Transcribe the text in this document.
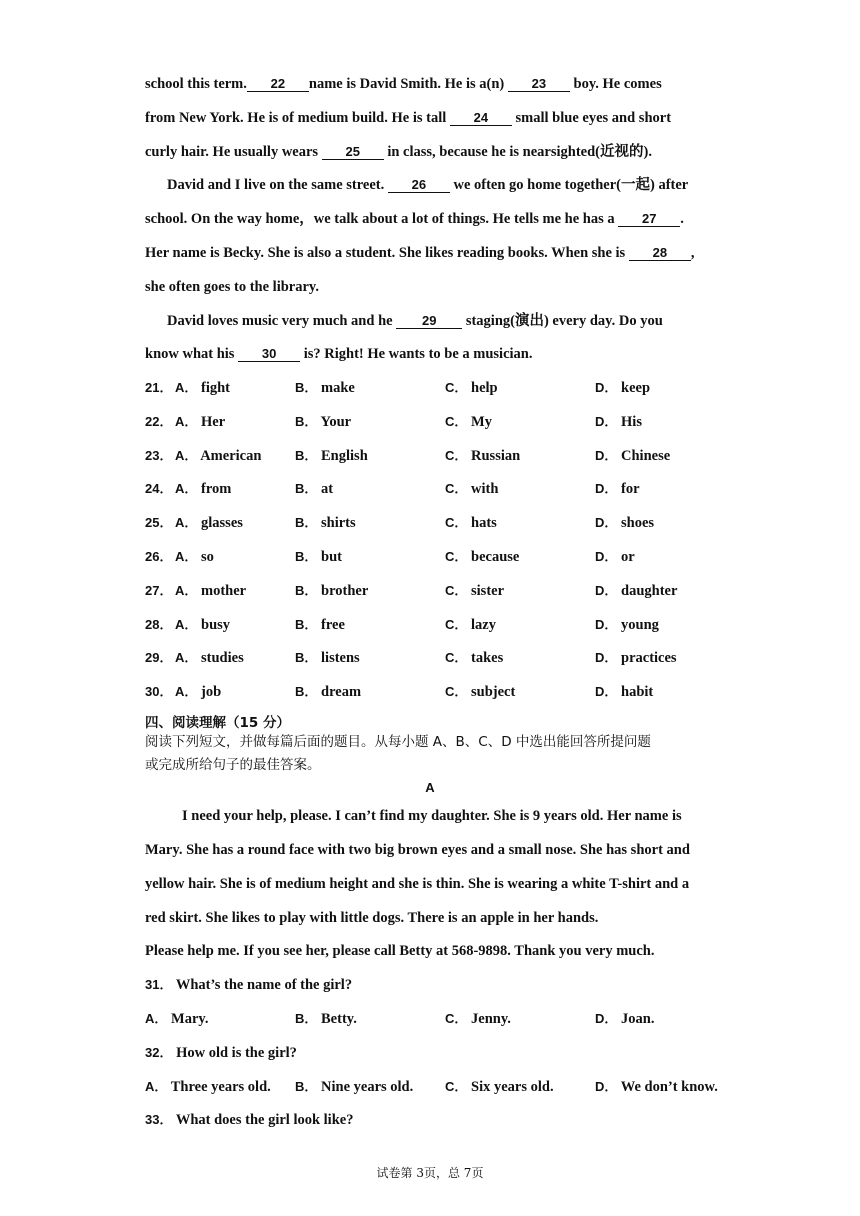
school this term. 22 name is David Smith. He is a(n) 23 boy. He comes
from New York. He is of medium build. He is tall 24 small blue eyes and short
curly hair. He usually wears 25 in class, because he is nearsighted(近视的).
David and I live on the same street. 26 we often go home together(一起) after
school. On the way home，we talk about a lot of things. He tells me he has a 27 .
Her name is Becky. She is also a student. She likes reading books. When she is 28 ,
she often goes to the library.
David loves music very much and he 29 staging(演出) every day. Do you
know what his 30 is? Right! He wants to be a musician.
21． A． fight	B． make	C． help	D． keep
22． A． Her	B． Your	C． My	D． His
23． A． American	B． English	C． Russian	D． Chinese
24． A． from	B． at	C． with	D． for
25． A． glasses	B． shirts	C． hats	D． shoes
26． A． so	B． but	C． because	D． or
27． A． mother	B． brother	C． sister	D． daughter
28． A． busy	B． free	C． lazy	D． young
29． A． studies	B． listens	C． takes	D． practices
30． A． job	B． dream	C． subject	D． habit
四、阅读理解（15 分）
阅读下列短文，并做每篇后面的题目。从每小题 A、B、C、D 中选出能回答所提问题
或完成所给句子的最佳答案。
A
I need your help, please. I can’t find my daughter. She is 9 years old. Her name is
Mary. She has a round face with two big brown eyes and a small nose. She has short and
yellow hair. She is of medium height and she is thin. She is wearing a white T-shirt and a
red skirt. She likes to play with little dogs. There is an apple in her hands.
Please help me. If you see her, please call Betty at 568-9898. Thank you very much.
31． What’s the name of the girl?
A． Mary.	B． Betty.	C． Jenny.	D． Joan.
32． How old is the girl?
A． Three years old. B． Nine years old. C． Six years old.	D． We don’t know.
33． What does the girl look like?
试卷第 3页，总 7页
